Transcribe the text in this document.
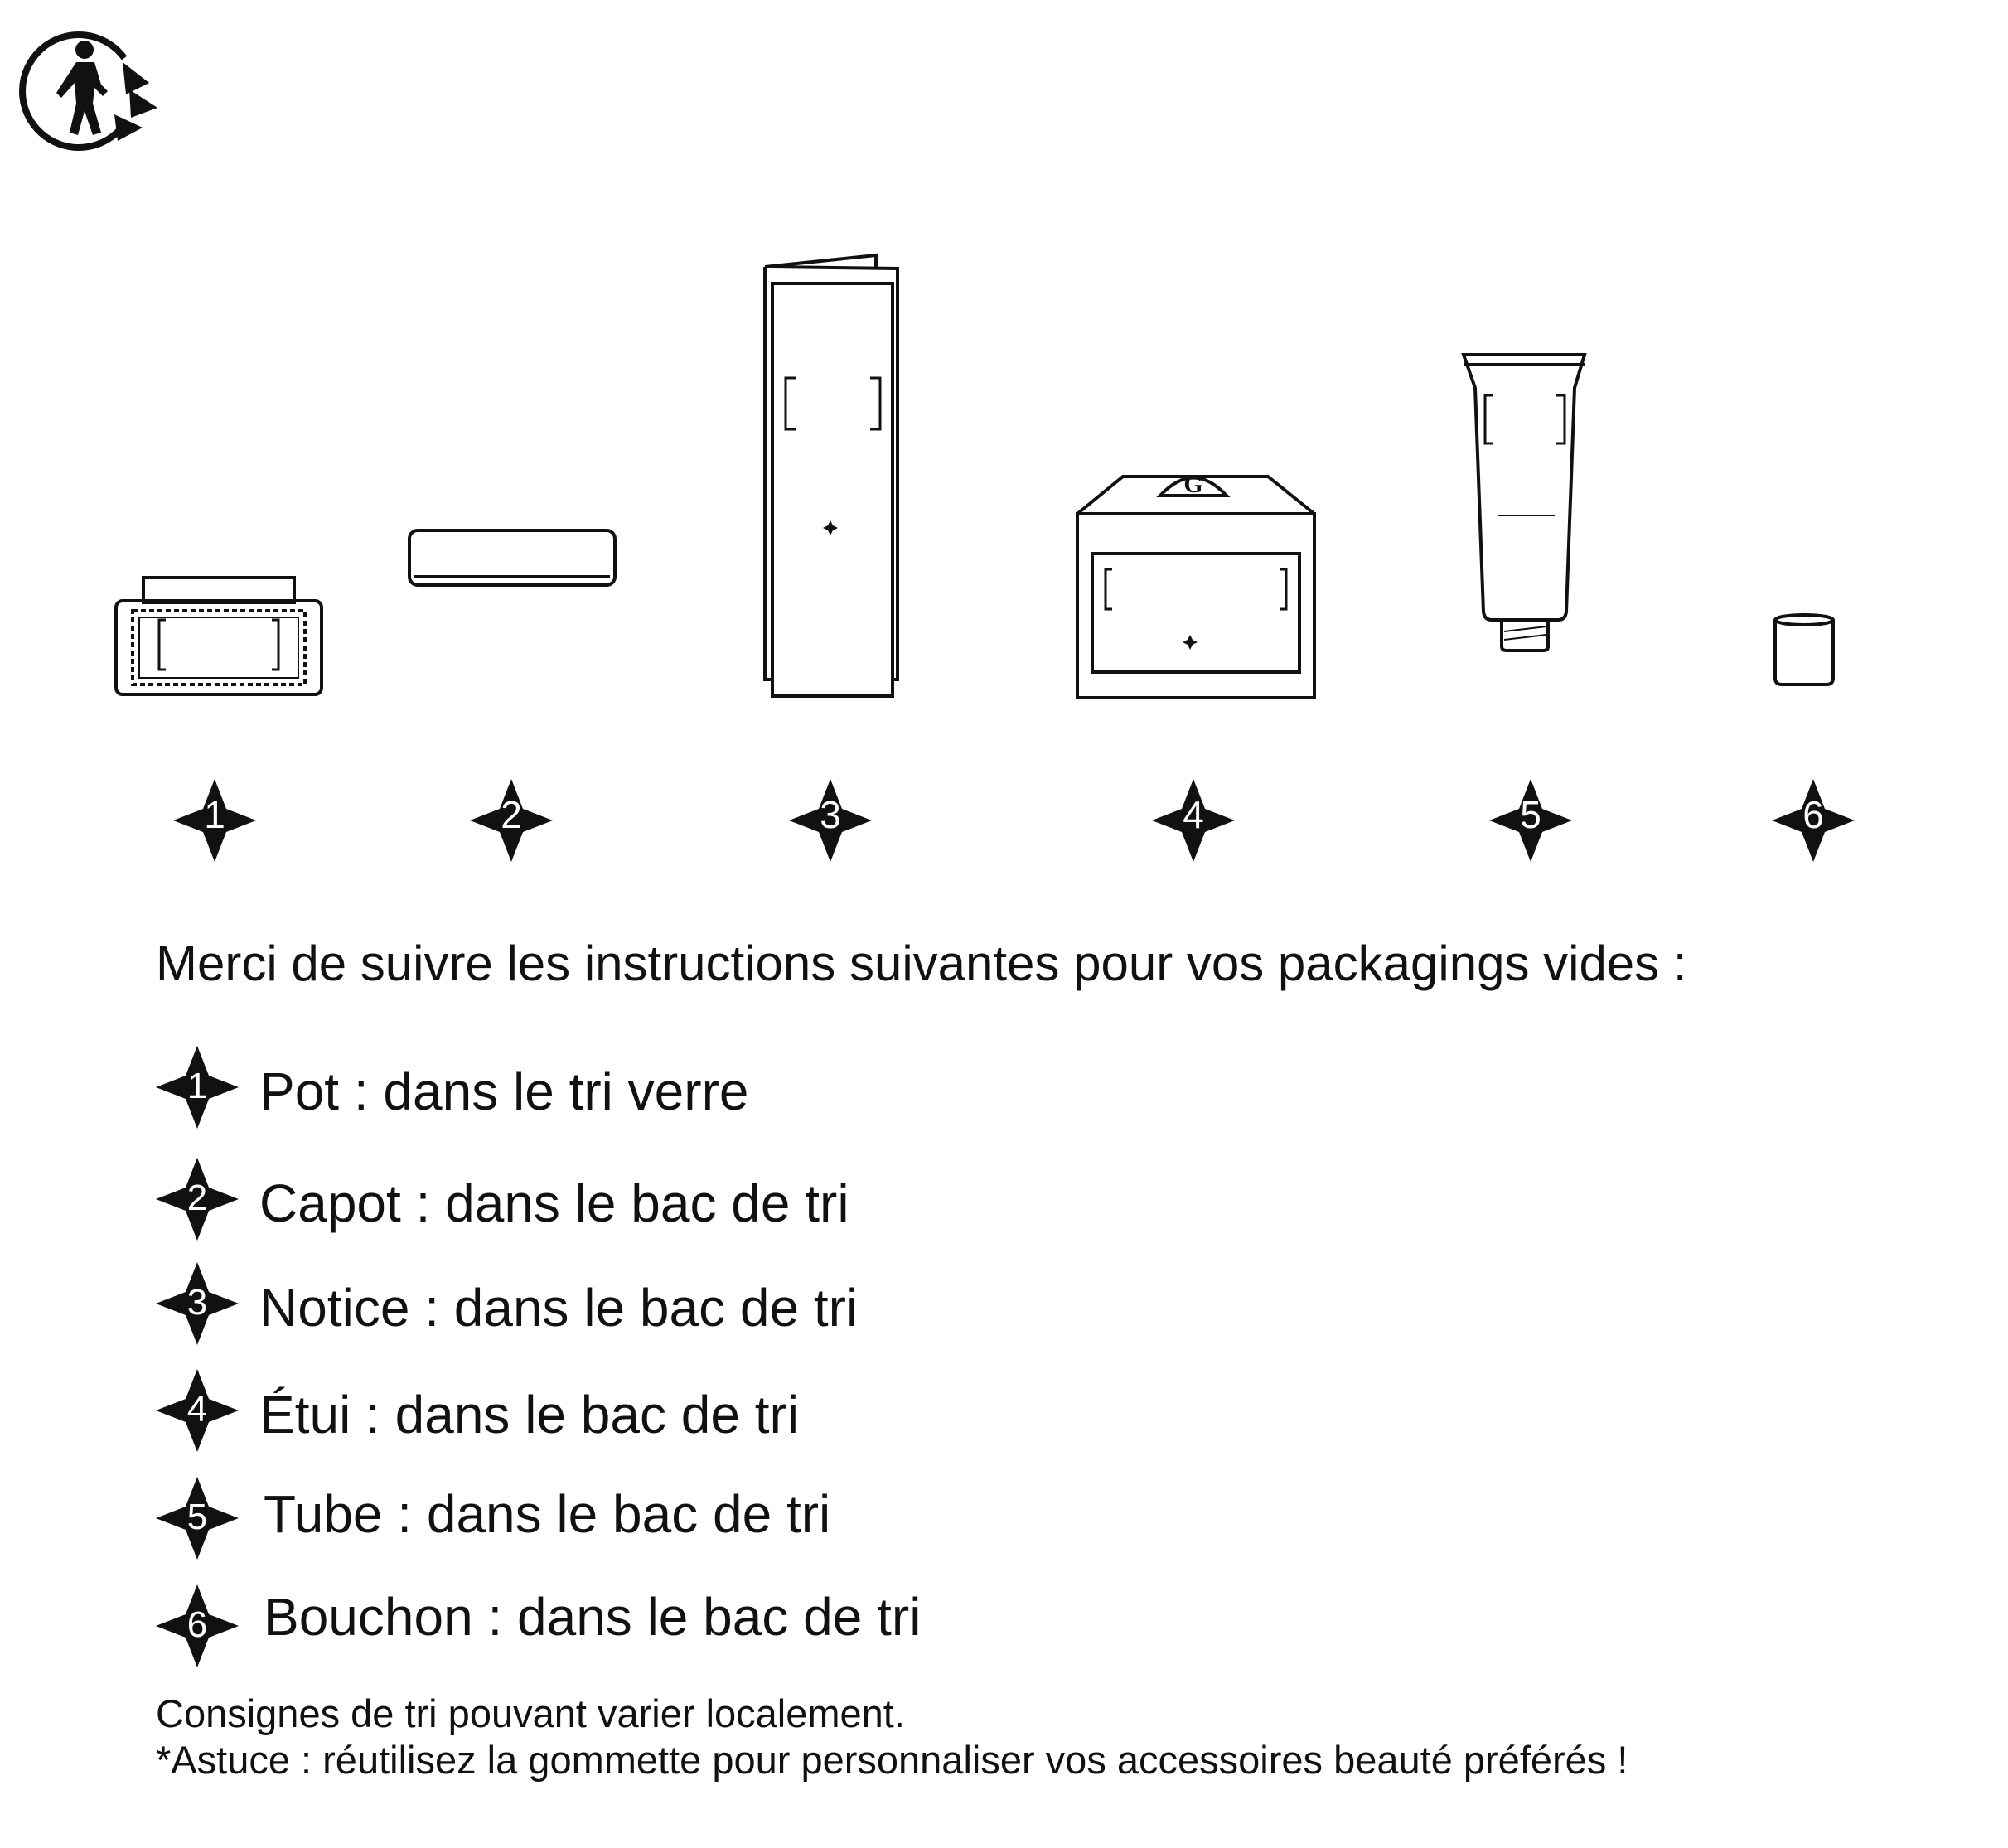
G
1	2	3	4	5	6
Merci de suivre les instructions suivantes pour vos packagings vides :
1 Pot : dans le tri verre
2 Capot : dans le bac de tri
3 Notice : dans le bac de tri
4 Étui : dans le bac de tri
5	Tube : dans le bac de tri
6	Bouchon : dans le bac de tri
Consignes de tri pouvant varier localement.
*Astuce : réutilisez la gommette pour personnaliser vos accessoires beauté préférés !
